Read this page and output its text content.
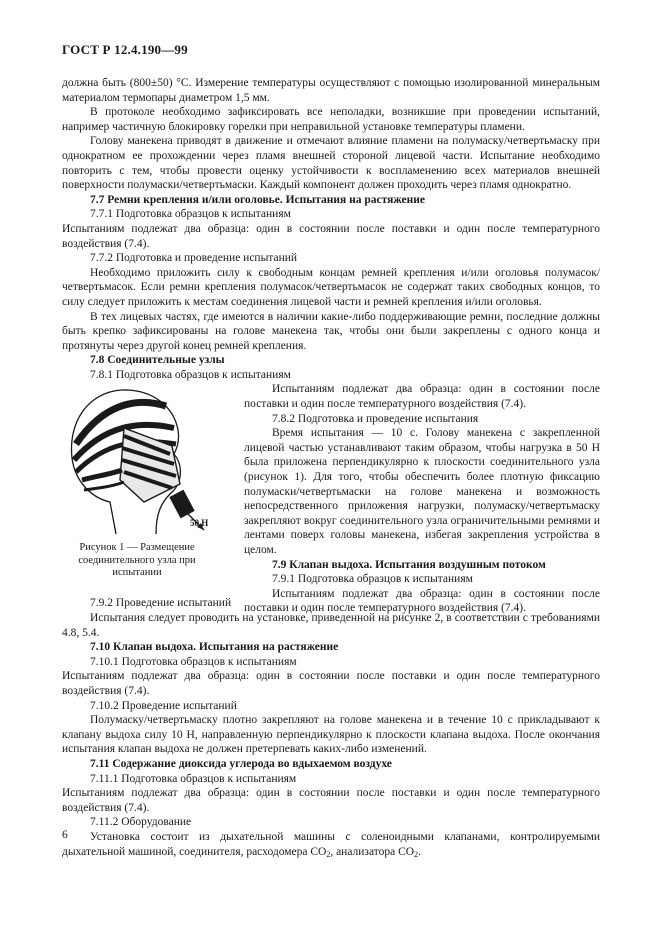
ГОСТ Р 12.4.190—99

должна быть (800±50) °С. Измерение температуры осуществляют с помощью изолированной минеральным материалом термопары диаметром 1,5 мм.

В протоколе необходимо зафиксировать все неполадки, возникшие при проведении испытаний, например частичную блокировку горелки при неправильной установке температуры пламени.

Голову манекена приводят в движение и отмечают влияние пламени на полумаску/четвертьмаску при однократном ее прохождении через пламя внешней стороной лицевой части. Испытание необходимо повторить с тем, чтобы провести оценку устойчивости к воспламенению всех материалов внешней поверхности полумаски/четвертьмаски. Каждый компонент должен проходить через пламя однократно.

7.7 Ремни крепления и/или оголовье. Испытания на растяжение

7.7.1 Подготовка образцов к испытаниям

Испытаниям подлежат два образца: один в состоянии после поставки и один после температурного воздействия (7.4).

7.7.2 Подготовка и проведение испытаний

Необходимо приложить силу к свободным концам ремней крепления и/или оголовья полумасок/четвертьмасок. Если ремни крепления полумасок/четвертьмасок не содержат таких свободных концов, то силу следует приложить к местам соединения лицевой части и ремней крепления и/или оголовья.

В тех лицевых частях, где имеются в наличии какие-либо поддерживающие ремни, последние должны быть крепко зафиксированы на голове манекена так, чтобы они были закреплены с одного конца и протянуты через другой конец ремней крепления.

7.8 Соединительные узлы

7.8.1 Подготовка образцов к испытаниям

50 Н
Рисунок 1 — Размещение соединительного узла при испытании

Испытаниям подлежат два образца: один в состоянии после поставки и один после температурного воздействия (7.4).

7.8.2 Подготовка и проведение испытания

Время испытания — 10 с. Голову манекена с закрепленной лицевой частью устанавливают таким образом, чтобы нагрузка в 50 Н была приложена перпендикулярно к плоскости соединительного узла (рисунок 1). Для того, чтобы обеспечить более плотную фиксацию полумаски/четвертьмаски на голове манекена и возможность непосредственного приложения нагрузки, полумаску/четвертьмаску закрепляют вокруг соединительного узла ограничительными ремнями и лентами поверх головы манекена, избегая закрепления устройства в целом.

7.9 Клапан выдоха. Испытания воздушным потоком

7.9.1 Подготовка образцов к испытаниям

Испытаниям подлежат два образца: один в состоянии после поставки и один после температурного воздействия (7.4).

7.9.2 Проведение испытаний

Испытания следует проводить на установке, приведенной на рисунке 2, в соответствии с требованиями 4.8, 5.4.

7.10 Клапан выдоха. Испытания на растяжение

7.10.1 Подготовка образцов к испытаниям

Испытаниям подлежат два образца: один в состоянии после поставки и один после температурного воздействия (7.4).

7.10.2 Проведение испытаний

Полумаску/четвертьмаску плотно закрепляют на голове манекена и в течение 10 с прикладывают к клапану выдоха силу 10 Н, направленную перпендикулярно к плоскости клапана выдоха. После окончания испытания клапан выдоха не должен претерпевать каких-либо изменений.

7.11 Содержание диоксида углерода во вдыхаемом воздухе

7.11.1 Подготовка образцов к испытаниям

Испытаниям подлежат два образца: один в состоянии после поставки и один после температурного воздействия (7.4).

7.11.2 Оборудование

Установка состоит из дыхательной машины с соленоидными клапанами, контролируемыми дыхательной машиной, соединителя, расходомера $CO_2$, анализатора $CO_2$.

6
